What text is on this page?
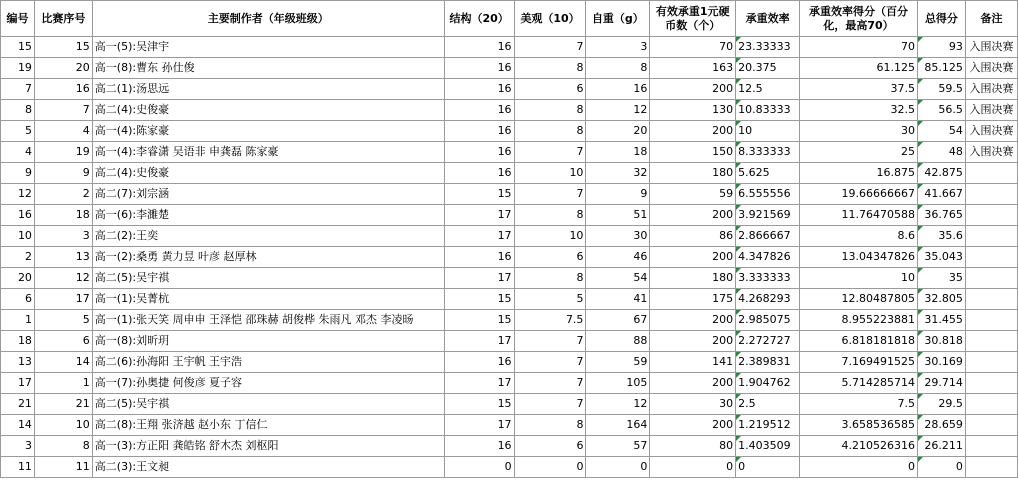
编号	比赛序号	主要制作者（年级班级）	结构（20）	美观（10）	自重（g）	有效承重1元硬币数（个）	承重效率	承重效率得分（百分化，最高70）	总得分	备注
15	15	高一(5):吴津宇	16	7	3	70	23.33333	70	93	入围决赛
19	20	高一(8):曹东 孙仕俊	16	8	8	163	20.375	61.125	85.125	入围决赛
7	16	高二(1):汤思远	16	6	16	200	12.5	37.5	59.5	入围决赛
8	7	高二(4):史俊豪	16	8	12	130	10.83333	32.5	56.5	入围决赛
5	4	高一(4):陈家豪	16	8	20	200	10	30	54	入围决赛
4	19	高一(4):李睿潇 吴语非 申龚磊 陈家豪	16	7	18	150	8.333333	25	48	入围决赛
9	9	高二(4):史俊豪	16	10	32	180	5.625	16.875	42.875	
12	2	高二(7):刘宗涵	15	7	9	59	6.555556	19.66666667	41.667	
16	18	高一(6):李濉楚	17	8	51	200	3.921569	11.76470588	36.765	
10	3	高二(2):王奕	17	10	30	86	2.866667	8.6	35.6	
2	13	高一(2):桑勇 黄力昱 叶彦 赵厚林	16	6	46	200	4.347826	13.04347826	35.043	
20	12	高二(5):吴宇祺	17	8	54	180	3.333333	10	35	
6	17	高一(1):吴菁杭	15	5	41	175	4.268293	12.80487805	32.805	
1	5	高一(1):张天笑 周申申 王泽恺 邵珠赫 胡俊桦 朱雨凡 邓杰 李凌旸	15	7.5	67	200	2.985075	8.955223881	31.455	
18	6	高一(8):刘昕玥	17	7	88	200	2.272727	6.818181818	30.818	
13	14	高二(6):孙海阳 王宇帆 王宇浩	16	7	59	141	2.389831	7.169491525	30.169	
17	1	高一(7):孙奥捷 何俊彦 夏子容	17	7	105	200	1.904762	5.714285714	29.714	
21	21	高二(5):吴宇祺	15	7	12	30	2.5	7.5	29.5	
14	10	高二(8):王翔 张济越 赵小东 丁信仁	17	8	164	200	1.219512	3.658536585	28.659	
3	8	高一(3):方正阳 龚皓铭 舒木杰 刘枢阳	16	6	57	80	1.403509	4.210526316	26.211	
11	11	高二(3):王文昶	0	0	0	0	0	0	0	
